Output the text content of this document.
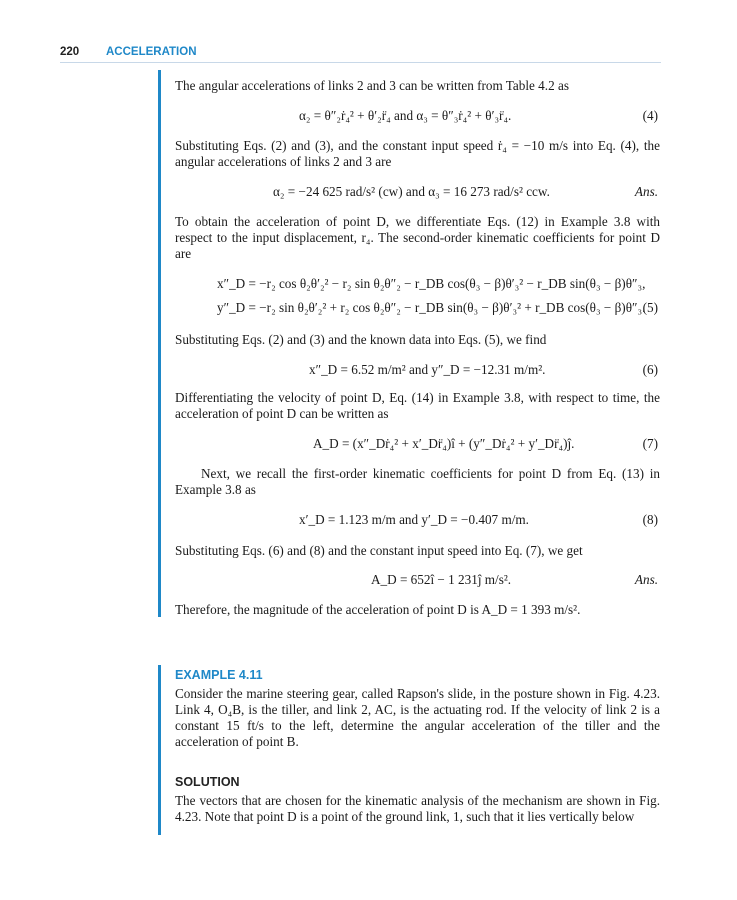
220 ACCELERATION
The angular accelerations of links 2 and 3 can be written from Table 4.2 as
α₂ = θ″₂ṙ₄² + θ′₂r̈₄ and α₃ = θ″₃ṙ₄² + θ′₃r̈₄.	(4)
Substituting Eqs. (2) and (3), and the constant input speed ṙ₄ = −10 m/s into Eq. (4), the angular accelerations of links 2 and 3 are
α₂ = −24 625 rad/s² (cw) and α₃ = 16 273 rad/s² ccw.	Ans.
To obtain the acceleration of point D, we differentiate Eqs. (12) in Example 3.8 with respect to the input displacement, r₄. The second-order kinematic coefficients for point D are
x″_D = −r₂ cos θ₂θ′₂² − r₂ sin θ₂θ″₂ − r_DB cos(θ₃ − β)θ′₃² − r_DB sin(θ₃ − β)θ″₃,
y″_D = −r₂ sin θ₂θ′₂² + r₂ cos θ₂θ″₂ − r_DB sin(θ₃ − β)θ′₃² + r_DB cos(θ₃ − β)θ″₃.
(5)
Substituting Eqs. (2) and (3) and the known data into Eqs. (5), we find
x″_D = 6.52 m/m² and y″_D = −12.31 m/m².	(6)
Differentiating the velocity of point D, Eq. (14) in Example 3.8, with respect to time, the acceleration of point D can be written as
A_D = (x″_Dṙ₄² + x′_Dr̈₄)î + (y″_Dṙ₄² + y′_Dr̈₄)ĵ.	(7)
Next, we recall the first-order kinematic coefficients for point D from Eq. (13) in Example 3.8 as
x′_D = 1.123 m/m and y′_D = −0.407 m/m.	(8)
Substituting Eqs. (6) and (8) and the constant input speed into Eq. (7), we get
A_D = 652î − 1 231ĵ m/s².	Ans.
Therefore, the magnitude of the acceleration of point D is A_D = 1 393 m/s².
EXAMPLE 4.11
Consider the marine steering gear, called Rapson's slide, in the posture shown in Fig. 4.23. Link 4, O₄B, is the tiller, and link 2, AC, is the actuating rod. If the velocity of link 2 is a constant 15 ft/s to the left, determine the angular acceleration of the tiller and the acceleration of point B.
SOLUTION
The vectors that are chosen for the kinematic analysis of the mechanism are shown in Fig. 4.23. Note that point D is a point of the ground link, 1, such that it lies vertically below
